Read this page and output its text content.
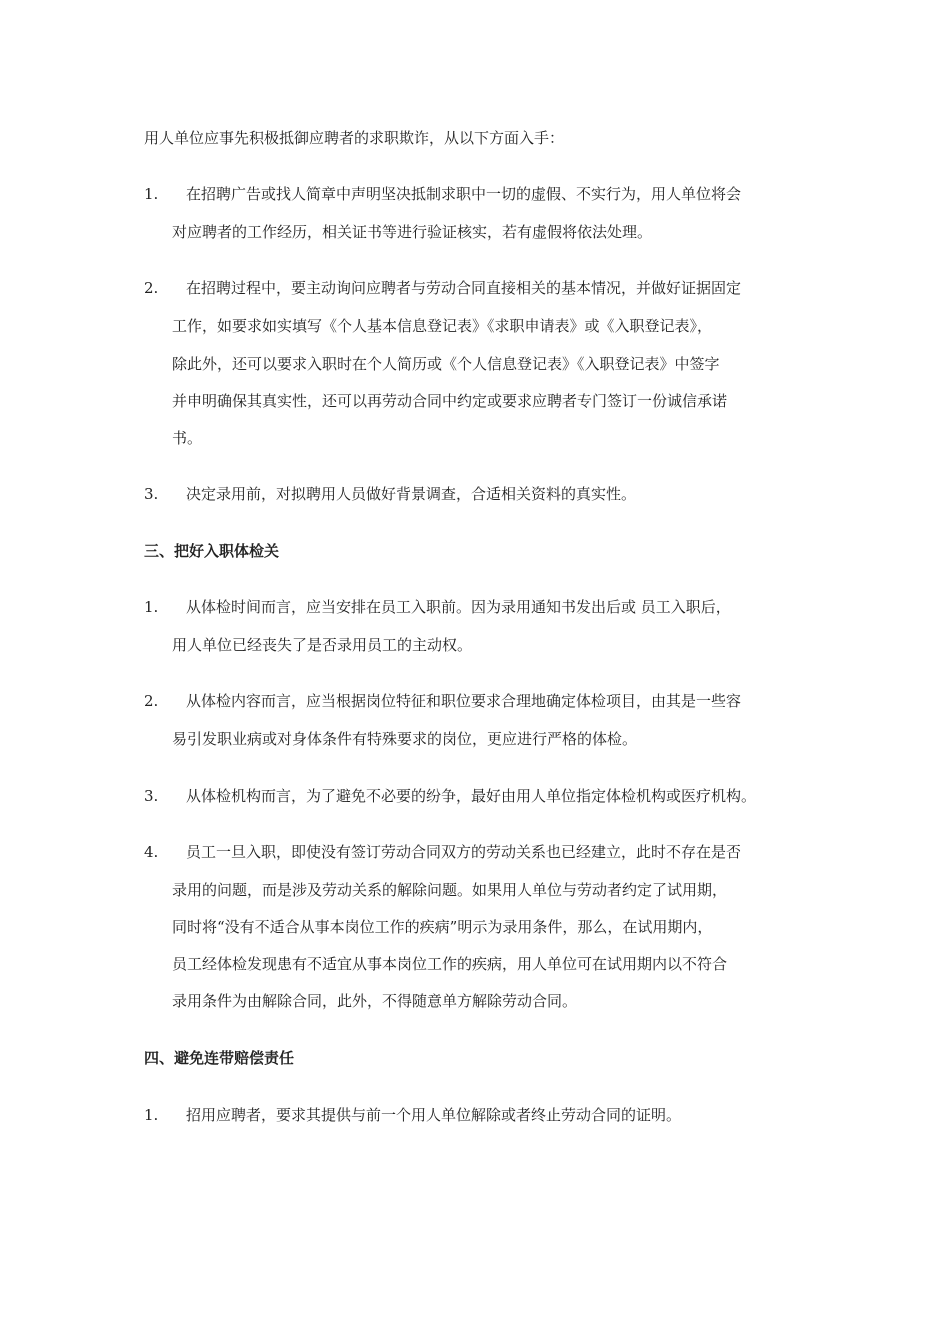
用人单位应事先积极抵御应聘者的求职欺诈，从以下方面入手：
1. 在招聘广告或找人简章中声明坚决抵制求职中一切的虚假、不实行为，用人单位将会
对应聘者的工作经历，相关证书等进行验证核实，若有虚假将依法处理。
2. 在招聘过程中，要主动询问应聘者与劳动合同直接相关的基本情况，并做好证据固定
工作，如要求如实填写《个人基本信息登记表》《求职申请表》或《入职登记表》，
除此外，还可以要求入职时在个人简历或《个人信息登记表》《入职登记表》中签字
并申明确保其真实性，还可以再劳动合同中约定或要求应聘者专门签订一份诚信承诺
书。
3. 决定录用前，对拟聘用人员做好背景调查，合适相关资料的真实性。
三、把好入职体检关
1. 从体检时间而言，应当安排在员工入职前。因为录用通知书发出后或 员工入职后，
用人单位已经丧失了是否录用员工的主动权。
2. 从体检内容而言，应当根据岗位特征和职位要求合理地确定体检项目，由其是一些容
易引发职业病或对身体条件有特殊要求的岗位，更应进行严格的体检。
3. 从体检机构而言，为了避免不必要的纷争，最好由用人单位指定体检机构或医疗机构。
4. 员工一旦入职，即使没有签订劳动合同双方的劳动关系也已经建立，此时不存在是否
录用的问题，而是涉及劳动关系的解除问题。如果用人单位与劳动者约定了试用期，
同时将“没有不适合从事本岗位工作的疾病”明示为录用条件，那么，在试用期内，
员工经体检发现患有不适宜从事本岗位工作的疾病，用人单位可在试用期内以不符合
录用条件为由解除合同，此外，不得随意单方解除劳动合同。
四、避免连带赔偿责任
1. 招用应聘者，要求其提供与前一个用人单位解除或者终止劳动合同的证明。
